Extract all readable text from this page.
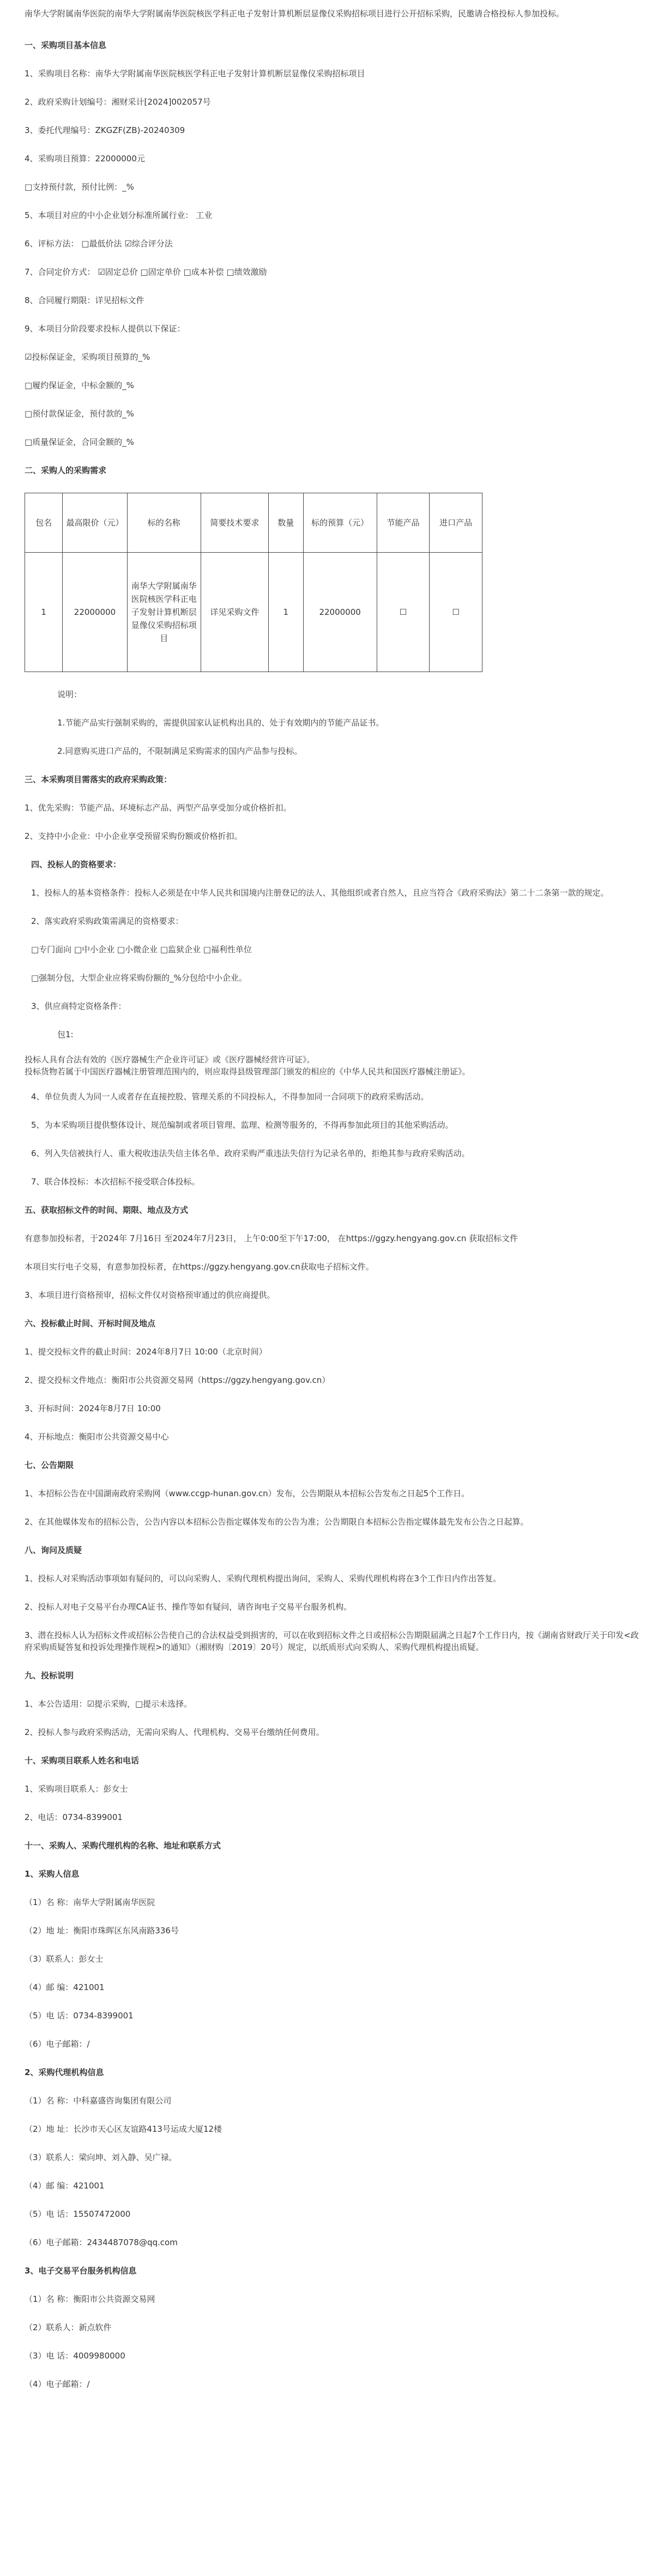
南华大学附属南华医院的南华大学附属南华医院核医学科正电子发射计算机断层显像仪采购招标项目进行公开招标采购，民邀请合格投标人参加投标。

一、采购项目基本信息

1、采购项目名称：南华大学附属南华医院核医学科正电子发射计算机断层显像仪采购招标项目

2、政府采购计划编号：湘财采计[2024]002057号

3、委托代理编号：ZKGZF(ZB)-20240309

4、采购项目预算：22000000元

□支持预付款，预付比例：_%

5、本项目对应的中小企业划分标准所属行业： 工业

6、评标方法： □最低价法 ☑综合评分法

7、合同定价方式： ☑固定总价 □固定单价 □成本补偿 □绩效激励

8、合同履行期限：详见招标文件

9、本项目分阶段要求投标人提供以下保证：

☑投标保证金，采购项目预算的_%

□履约保证金，中标金额的_%

□预付款保证金，预付款的_%

□质量保证金，合同金额的_%

二、采购人的采购需求

包名	最高限价（元）	标的名称	简要技术要求	数量	标的预算（元）	节能产品	进口产品
1	22000000	南华大学附属南华医院核医学科正电子发射计算机断层显像仪采购招标项目	详见采购文件	1	22000000	☐	☐

说明：

1.节能产品实行强制采购的，需提供国家认证机构出具的、处于有效期内的节能产品证书。

2.同意购买进口产品的，不限制满足采购需求的国内产品参与投标。

三、本采购项目需落实的政府采购政策：

1、优先采购：节能产品、环境标志产品、两型产品享受加分或价格折扣。

2、支持中小企业：中小企业享受预留采购份额或价格折扣。

四、投标人的资格要求：

1、投标人的基本资格条件：投标人必须是在中华人民共和国境内注册登记的法人、其他组织或者自然人，且应当符合《政府采购法》第二十二条第一款的规定。

2、落实政府采购政策需满足的资格要求：

□专门面向 □中小企业 □小微企业 □监狱企业 □福利性单位

□强制分包，大型企业应将采购份额的_%分包给中小企业。

3、供应商特定资格条件：

包1:

投标人具有合法有效的《医疗器械生产企业许可证》或《医疗器械经营许可证》。

投标货物若属于中国医疗器械注册管理范围内的，则应取得县级管理部门颁发的相应的《中华人民共和国医疗器械注册证》。

4、单位负责人为同一人或者存在直接控股、管理关系的不同投标人，不得参加同一合同项下的政府采购活动。

5、为本采购项目提供整体设计、规范编制或者项目管理、监理、检测等服务的，不得再参加此项目的其他采购活动。

6、列入失信被执行人、重大税收违法失信主体名单、政府采购严重违法失信行为记录名单的，拒绝其参与政府采购活动。

7、联合体投标：本次招标不接受联合体投标。

五、获取招标文件的时间、期限、地点及方式

有意参加投标者，于2024年 7月16日 至2024年7月23日， 上午0:00至下午17:00， 在https://ggzy.hengyang.gov.cn 获取招标文件

本项目实行电子交易，有意参加投标者，在https://ggzy.hengyang.gov.cn获取电子招标文件。

3、本项目进行资格预审，招标文件仅对资格预审通过的供应商提供。

六、投标截止时间、开标时间及地点

1、提交投标文件的截止时间：2024年8月7日 10:00（北京时间）

2、提交投标文件地点：衡阳市公共资源交易网（https://ggzy.hengyang.gov.cn）

3、开标时间：2024年8月7日 10:00

4、开标地点：衡阳市公共资源交易中心

七、公告期限

1、本招标公告在中国湖南政府采购网（www.ccgp-hunan.gov.cn）发布，公告期限从本招标公告发布之日起5个工作日。

2、在其他媒体发布的招标公告，公告内容以本招标公告指定媒体发布的公告为准；公告期限自本招标公告指定媒体最先发布公告之日起算。

八、询问及质疑

1、投标人对采购活动事项如有疑问的，可以向采购人、采购代理机构提出询问，采购人、采购代理机构将在3个工作日内作出答复。

2、投标人对电子交易平台办理CA证书、操作等如有疑问，请咨询电子交易平台服务机构。

3、潜在投标人认为招标文件或招标公告使自己的合法权益受到损害的，可以在收到招标文件之日或招标公告期限届满之日起7个工作日内，按《湖南省财政厅关于印发<政府采购质疑答复和投诉处理操作规程>的通知》（湘财购〔2019〕20号）规定，以纸质形式向采购人、采购代理机构提出质疑。

九、投标说明

1、本公告适用：☑提示采购，□提示未选择。

2、投标人参与政府采购活动，无需向采购人、代理机构、交易平台缴纳任何费用。

十、采购项目联系人姓名和电话

1、采购项目联系人：彭女士

2、电话：0734-8399001

十一、采购人、采购代理机构的名称、地址和联系方式

1、采购人信息

（1）名 称：南华大学附属南华医院

（2）地 址：衡阳市珠晖区东风南路336号

（3）联系人：彭女士

（4）邮 编：421001

（5）电 话：0734-8399001

（6）电子邮箱：/

2、采购代理机构信息

（1）名 称：中科嘉盛咨询集团有限公司

（2）地 址：长沙市天心区友谊路413号运成大厦12楼

（3）联系人：梁向坤、刘入静、吴广禄。

（4）邮 编：421001

（5）电 话：15507472000

（6）电子邮箱：2434487078@qq.com

3、电子交易平台服务机构信息

（1）名 称：衡阳市公共资源交易网

（2）联系人：新点软件

（3）电 话：4009980000

（4）电子邮箱：/
